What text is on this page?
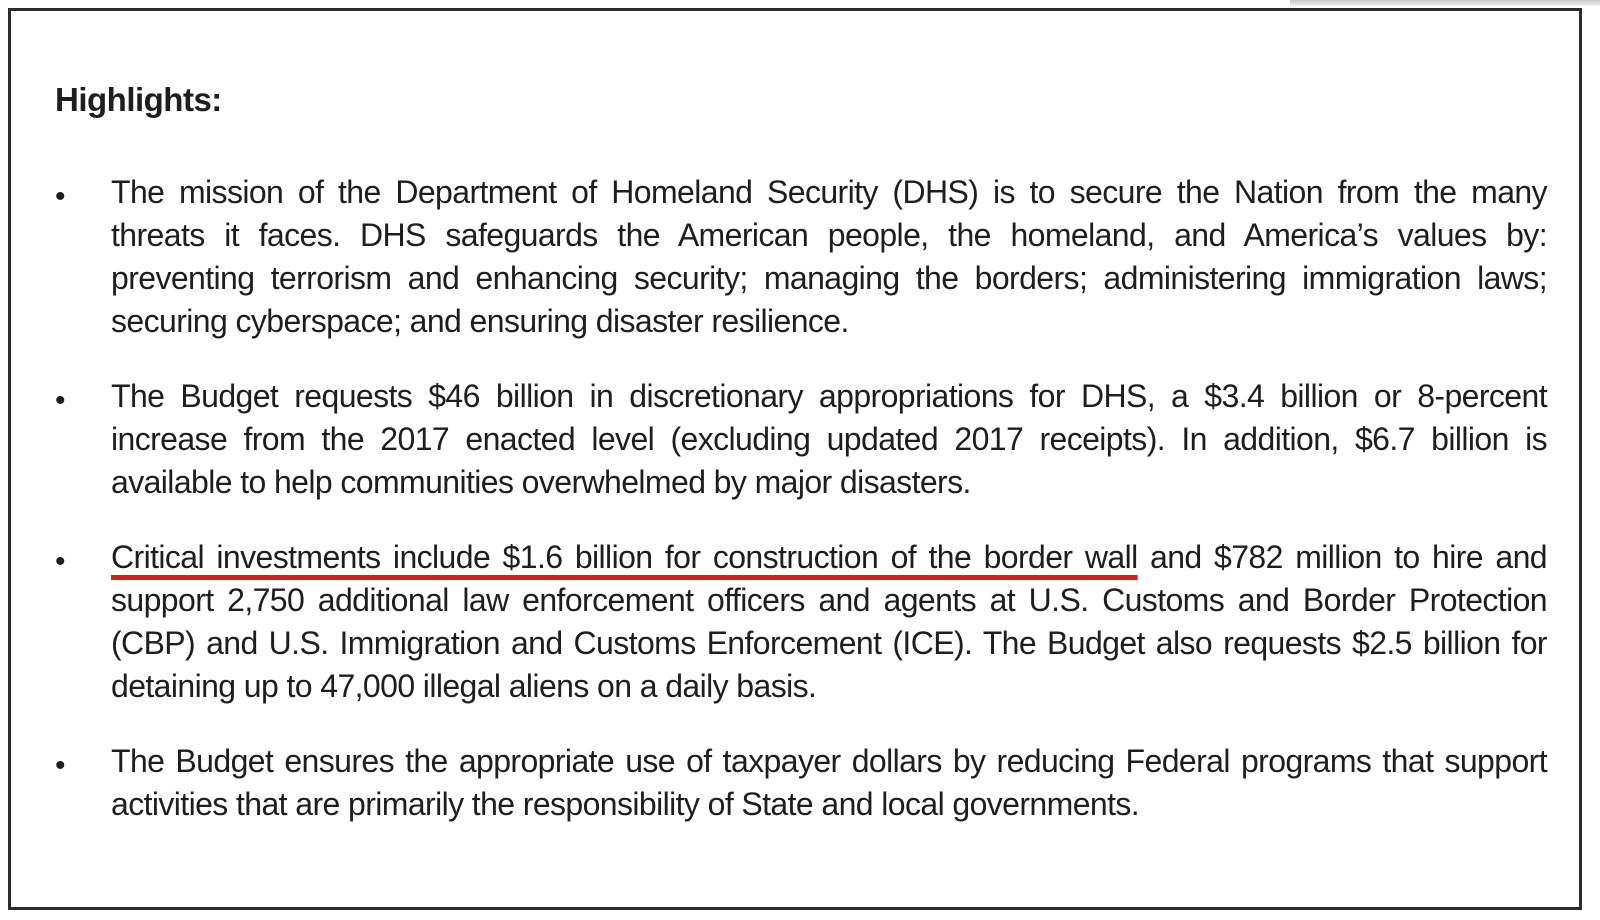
Highlights:
• The mission of the Department of Homeland Security (DHS) is to secure the Nation from the many threats it faces. DHS safeguards the American people, the homeland, and America’s values by: preventing terrorism and enhancing security; managing the borders; administering immigration laws; securing cyberspace; and ensuring disaster resilience.
• The Budget requests $46 billion in discretionary appropriations for DHS, a $3.4 billion or 8-percent increase from the 2017 enacted level (excluding updated 2017 receipts). In addition, $6.7 billion is available to help communities overwhelmed by major disasters.
• Critical investments include $1.6 billion for construction of the border wall and $782 million to hire and support 2,750 additional law enforcement officers and agents at U.S. Customs and Border Protection (CBP) and U.S. Immigration and Customs Enforcement (ICE). The Budget also requests $2.5 billion for detaining up to 47,000 illegal aliens on a daily basis.
• The Budget ensures the appropriate use of taxpayer dollars by reducing Federal programs that support activities that are primarily the responsibility of State and local governments.
